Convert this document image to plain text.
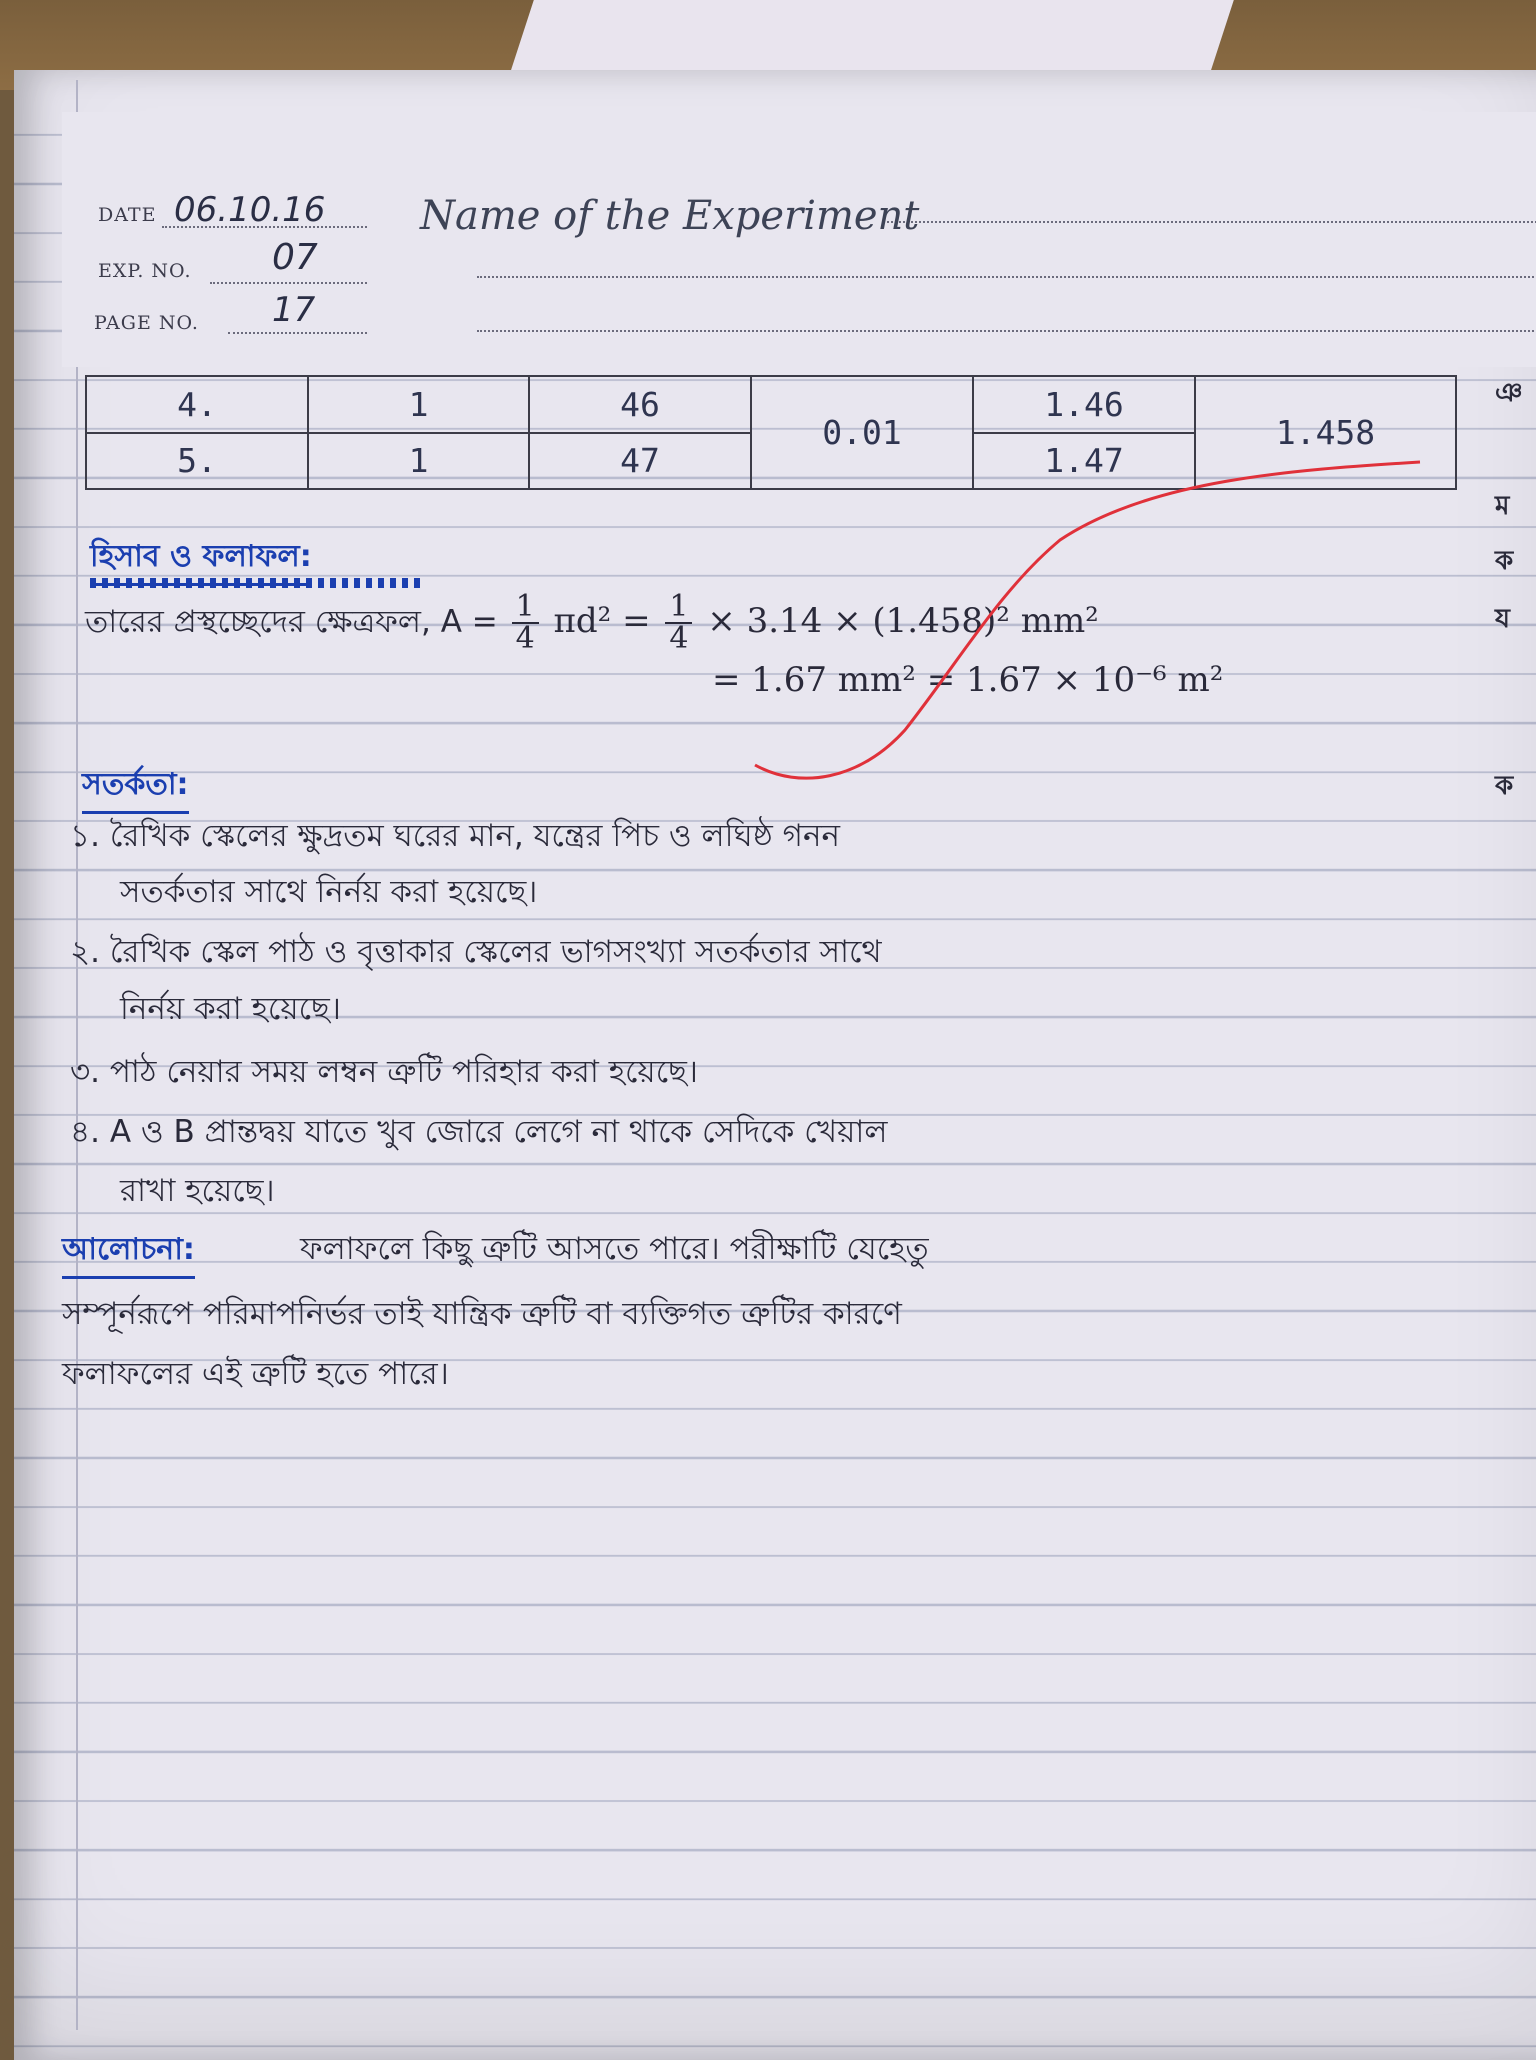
DATE 06.10.16
EXP. NO. 07
PAGE NO. 17
Name of the Experiment
4.	1	46	0.01	1.46	1.458
5.	1	47		1.47	
হিসাব ও ফলাফল:
তারের প্রস্থচ্ছেদের ক্ষেত্রফল, $A = \frac{1}{4} \pi d^2 = \frac{1}{4} \times 3.14 \times (1.458)^2$ mm²
= 1.67 mm² = 1.67 × 10⁻⁶ m²
সতর্কতা:
১. রৈখিক স্কেলের ক্ষুদ্রতম ঘরের মান, যন্ত্রের পিচ ও লঘিষ্ঠ গনন
সতর্কতার সাথে নির্নয় করা হয়েছে।
২. রৈখিক স্কেল পাঠ ও বৃত্তাকার স্কেলের ভাগসংখ্যা সতর্কতার সাথে
নির্নয় করা হয়েছে।
৩. পাঠ নেয়ার সময় লম্বন ত্রুটি পরিহার করা হয়েছে।
৪. A ও B প্রান্তদ্বয় যাতে খুব জোরে লেগে না থাকে সেদিকে খেয়াল
রাখা হয়েছে।
আলোচনা:	ফলাফলে কিছু ত্রুটি আসতে পারে। পরীক্ষাটি যেহেতু
সম্পূর্নরূপে পরিমাপনির্ভর তাই যান্ত্রিক ত্রুটি বা ব্যক্তিগত ত্রুটির কারণে
ফলাফলের এই ত্রুটি হতে পারে।
ঞ
ম
ক
য
ক
